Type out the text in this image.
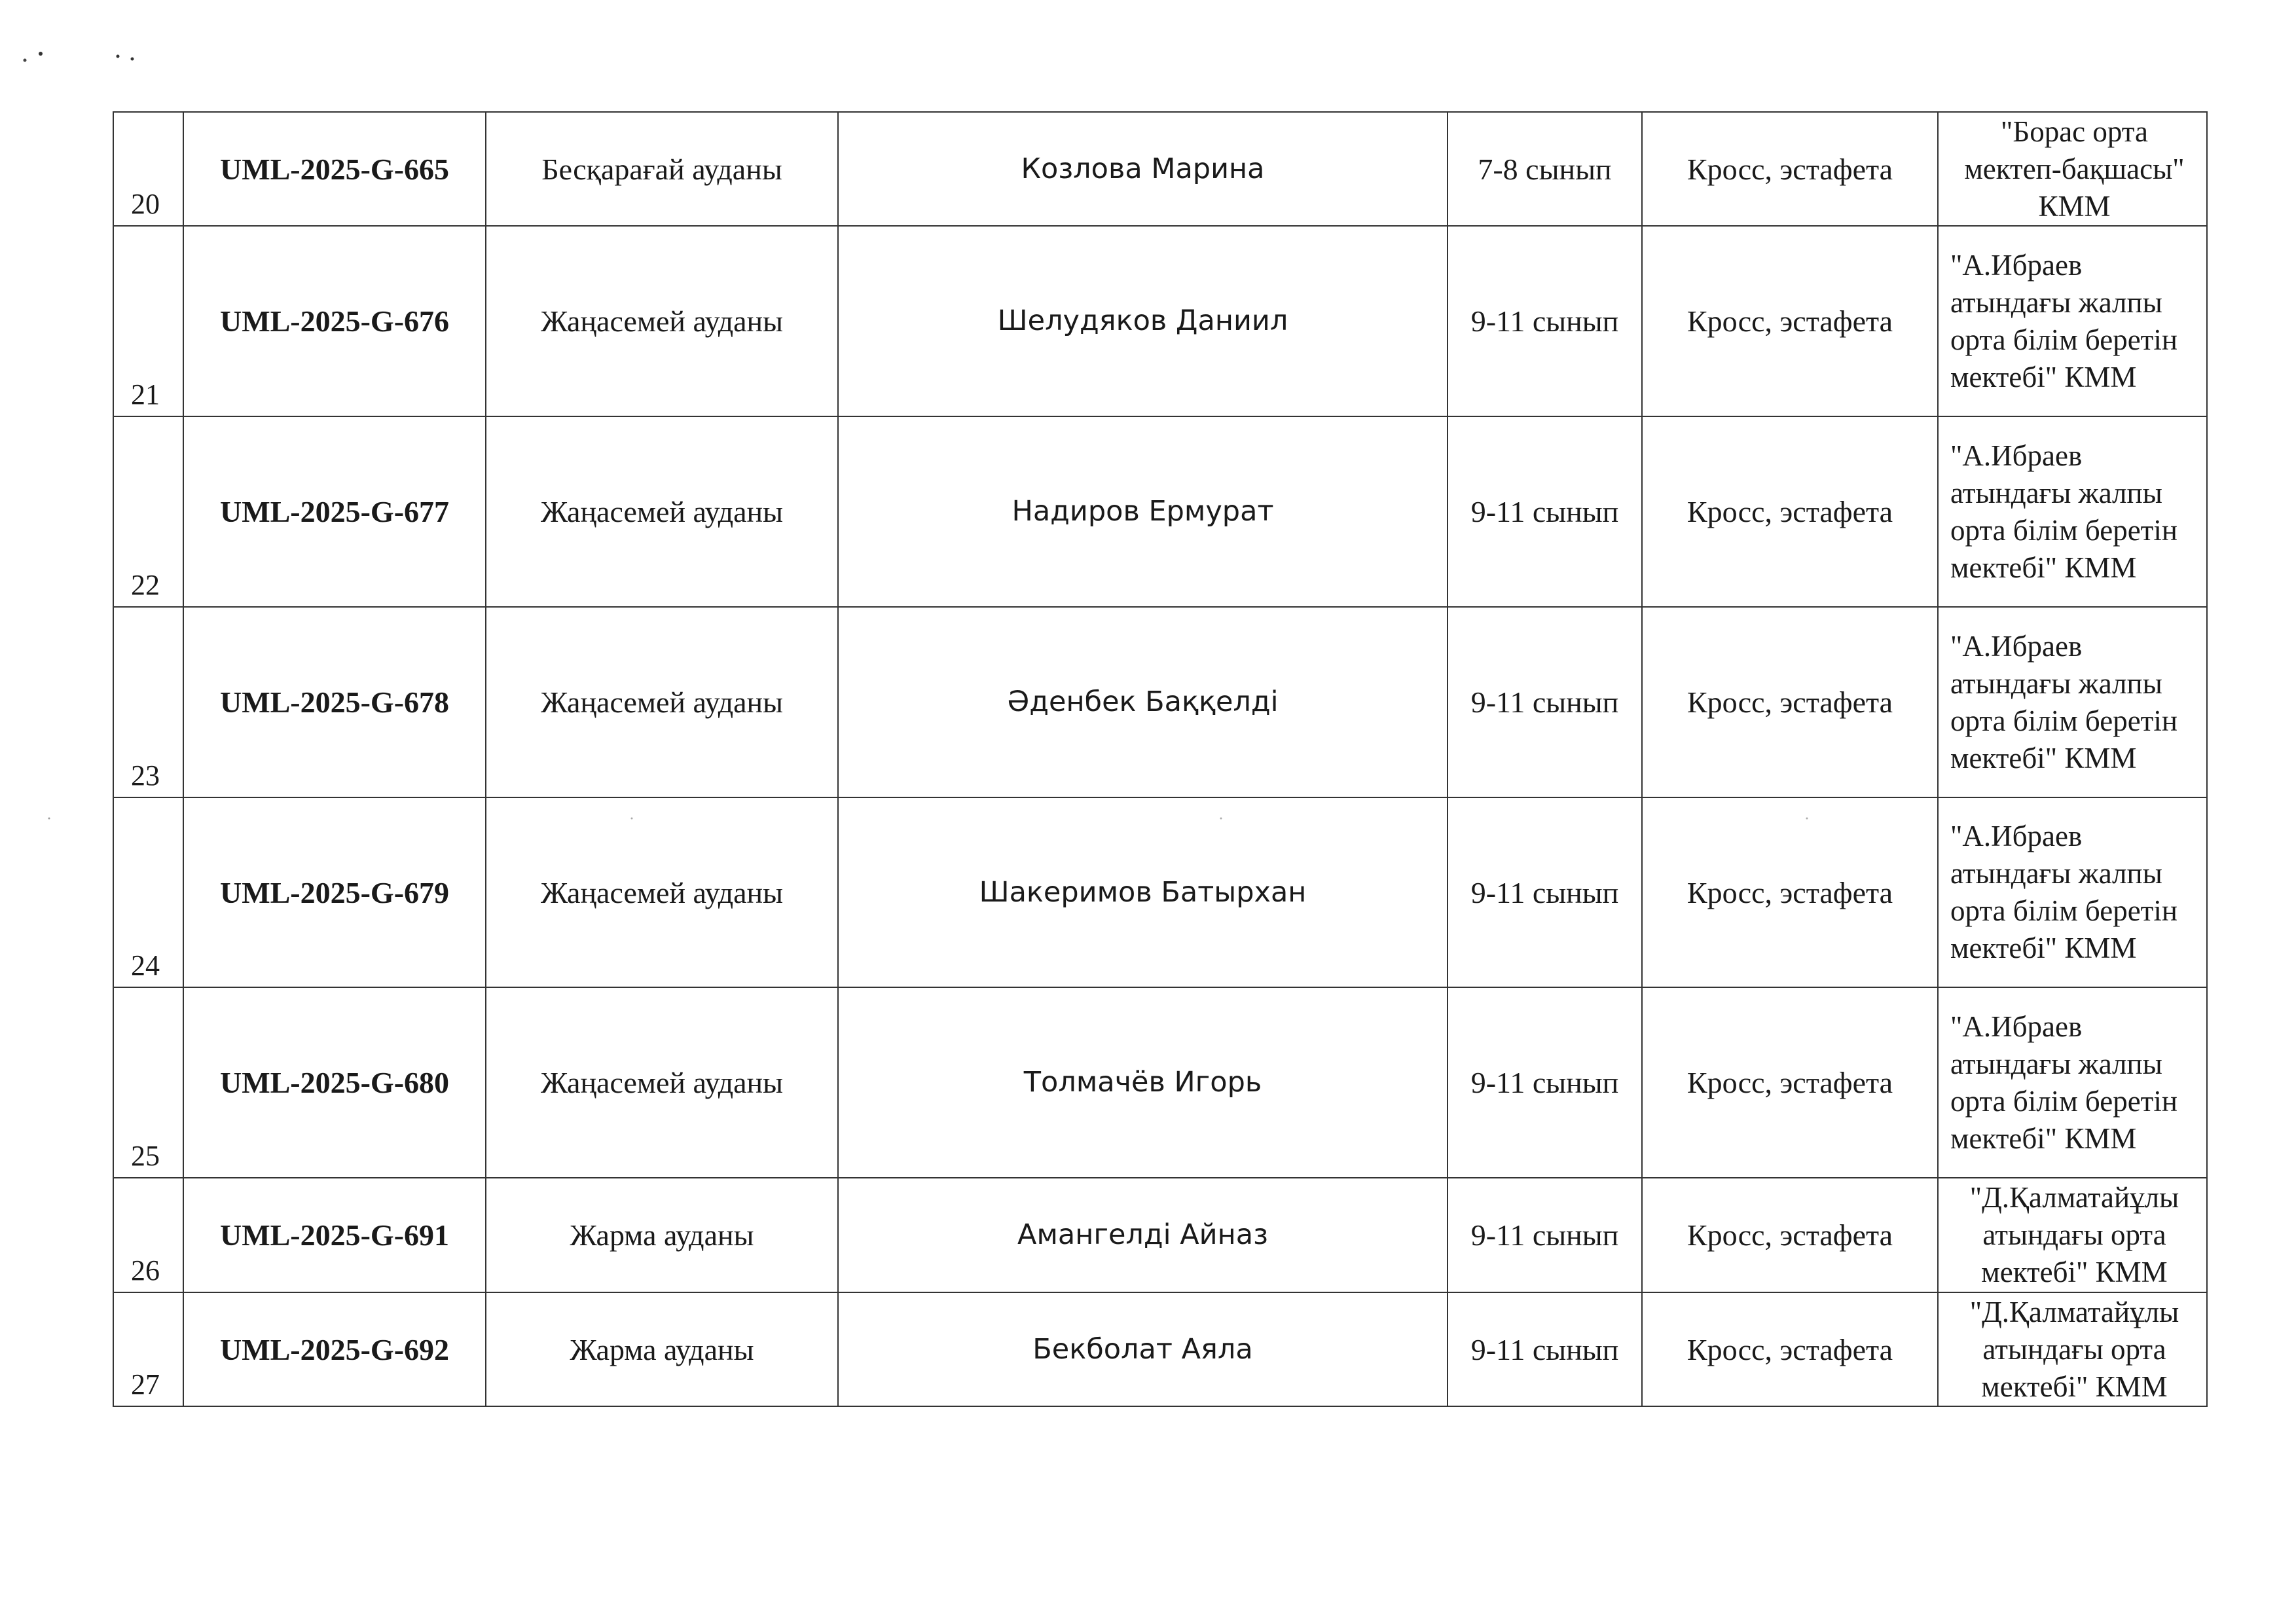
20	UML-2025-G-665	Бесқарағай ауданы	Козлова Марина	7-8 сынып	Кросс, эстафета	"Борас орта мектеп-бақшасы" КММ
21	UML-2025-G-676	Жаңасемей ауданы	Шелудяков Даниил	9-11 сынып	Кросс, эстафета	"А.Ибраев атындағы жалпы орта білім беретін мектебі" КММ
22	UML-2025-G-677	Жаңасемей ауданы	Надиров Ермурат	9-11 сынып	Кросс, эстафета	"А.Ибраев атындағы жалпы орта білім беретін мектебі" КММ
23	UML-2025-G-678	Жаңасемей ауданы	Әденбек Баққелді	9-11 сынып	Кросс, эстафета	"А.Ибраев атындағы жалпы орта білім беретін мектебі" КММ
24	UML-2025-G-679	Жаңасемей ауданы	Шакеримов Батырхан	9-11 сынып	Кросс, эстафета	"А.Ибраев атындағы жалпы орта білім беретін мектебі" КММ
25	UML-2025-G-680	Жаңасемей ауданы	Толмачёв Игорь	9-11 сынып	Кросс, эстафета	"А.Ибраев атындағы жалпы орта білім беретін мектебі" КММ
26	UML-2025-G-691	Жарма ауданы	Амангелді Айназ	9-11 сынып	Кросс, эстафета	"Д.Қалматайұлы атындағы орта мектебі" КММ
27	UML-2025-G-692	Жарма ауданы	Бекболат Аяла	9-11 сынып	Кросс, эстафета	"Д.Қалматайұлы атындағы орта мектебі" КММ
